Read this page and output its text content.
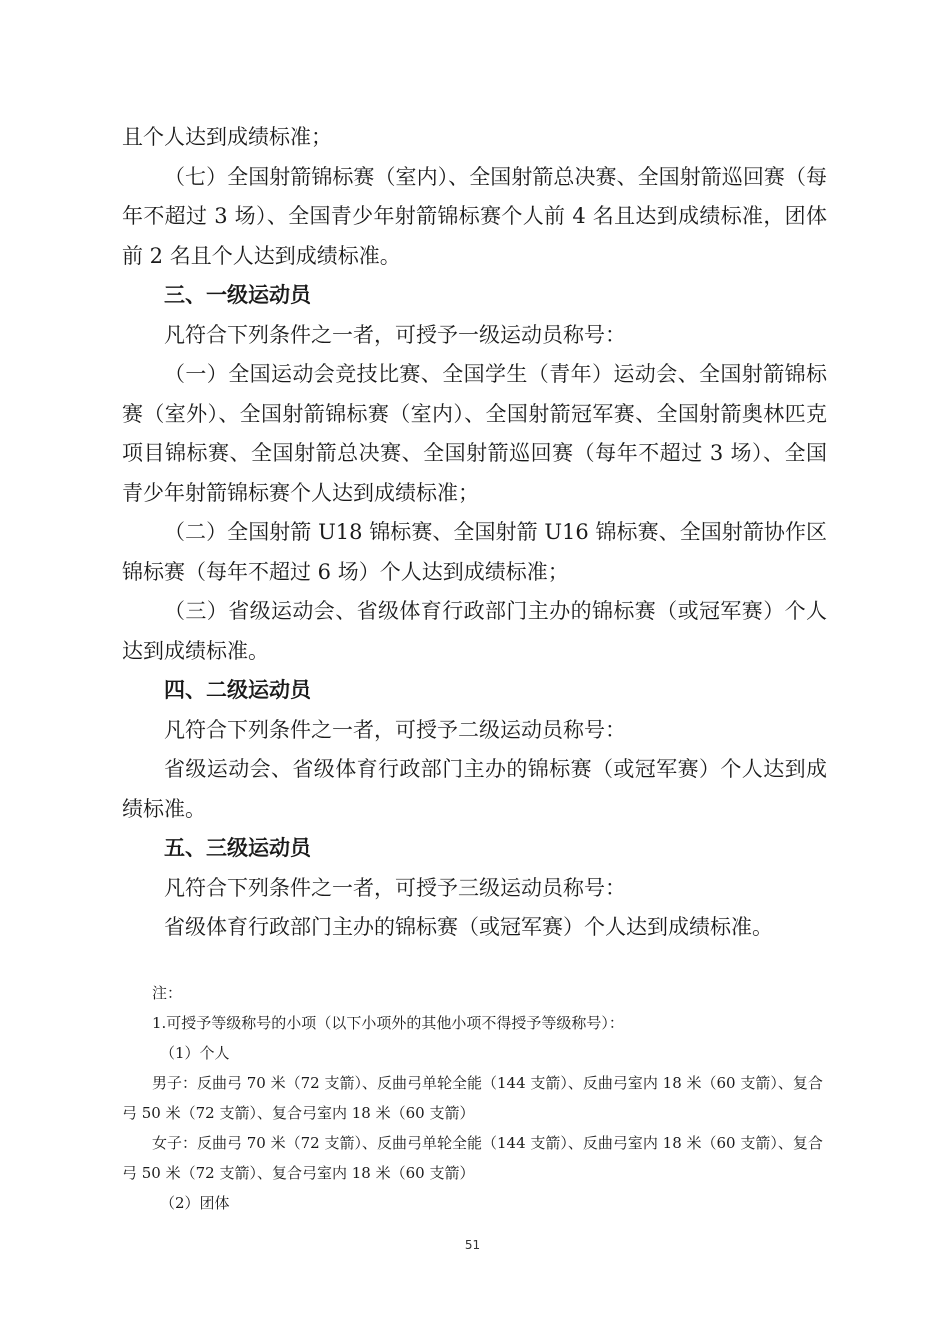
且个人达到成绩标准；

（七）全国射箭锦标赛（室内）、全国射箭总决赛、全国射箭巡回赛（每年不超过 3 场）、全国青少年射箭锦标赛个人前 4 名且达到成绩标准，团体前 2 名且个人达到成绩标准。

三、一级运动员

凡符合下列条件之一者，可授予一级运动员称号：

（一）全国运动会竞技比赛、全国学生（青年）运动会、全国射箭锦标赛（室外）、全国射箭锦标赛（室内）、全国射箭冠军赛、全国射箭奥林匹克项目锦标赛、全国射箭总决赛、全国射箭巡回赛（每年不超过 3 场）、全国青少年射箭锦标赛个人达到成绩标准；

（二）全国射箭 U18 锦标赛、全国射箭 U16 锦标赛、全国射箭协作区锦标赛（每年不超过 6 场）个人达到成绩标准；

（三）省级运动会、省级体育行政部门主办的锦标赛（或冠军赛）个人达到成绩标准。

四、二级运动员

凡符合下列条件之一者，可授予二级运动员称号：

省级运动会、省级体育行政部门主办的锦标赛（或冠军赛）个人达到成绩标准。

五、三级运动员

凡符合下列条件之一者，可授予三级运动员称号：

省级体育行政部门主办的锦标赛（或冠军赛）个人达到成绩标准。

注：

1.可授予等级称号的小项（以下小项外的其他小项不得授予等级称号）：

（1）个人

男子：反曲弓 70 米（72 支箭）、反曲弓单轮全能（144 支箭）、反曲弓室内 18 米（60 支箭）、复合弓 50 米（72 支箭）、复合弓室内 18 米（60 支箭）

女子：反曲弓 70 米（72 支箭）、反曲弓单轮全能（144 支箭）、反曲弓室内 18 米（60 支箭）、复合弓 50 米（72 支箭）、复合弓室内 18 米（60 支箭）

（2）团体

51
